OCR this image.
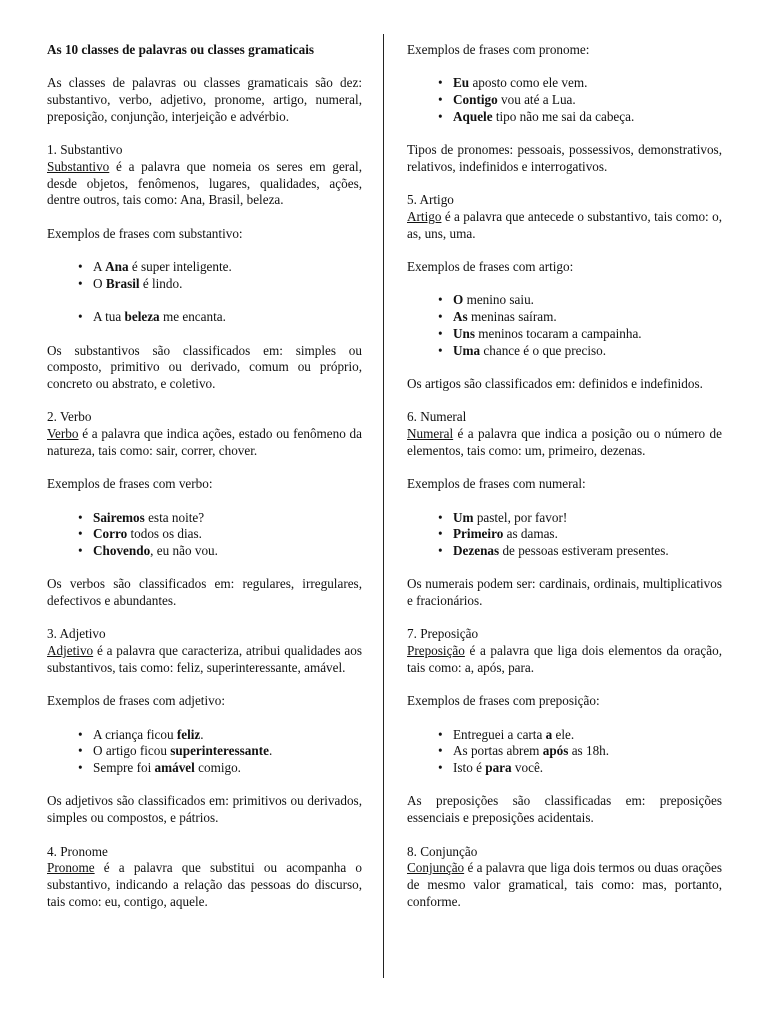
As 10 classes de palavras ou classes gramaticais

As classes de palavras ou classes gramaticais são dez: substantivo, verbo, adjetivo, pronome, artigo, numeral, preposição, conjunção, interjeição e advérbio.

1. Substantivo

Substantivo é a palavra que nomeia os seres em geral, desde objetos, fenômenos, lugares, qualidades, ações, dentre outros, tais como: Ana, Brasil, beleza.

Exemplos de frases com substantivo:

• A Ana é super inteligente.
• O Brasil é lindo.
• A tua beleza me encanta.

Os substantivos são classificados em: simples ou composto, primitivo ou derivado, comum ou próprio, concreto ou abstrato, e coletivo.

2. Verbo

Verbo é a palavra que indica ações, estado ou fenômeno da natureza, tais como: sair, correr, chover.

Exemplos de frases com verbo:

• Sairemos esta noite?
• Corro todos os dias.
• Chovendo, eu não vou.

Os verbos são classificados em: regulares, irregulares, defectivos e abundantes.

3. Adjetivo

Adjetivo é a palavra que caracteriza, atribui qualidades aos substantivos, tais como: feliz, superinteressante, amável.

Exemplos de frases com adjetivo:

• A criança ficou feliz.
• O artigo ficou superinteressante.
• Sempre foi amável comigo.

Os adjetivos são classificados em: primitivos ou derivados, simples ou compostos, e pátrios.

4. Pronome

Pronome é a palavra que substitui ou acompanha o substantivo, indicando a relação das pessoas do discurso, tais como: eu, contigo, aquele.

Exemplos de frases com pronome:

• Eu aposto como ele vem.
• Contigo vou até a Lua.
• Aquele tipo não me sai da cabeça.

Tipos de pronomes: pessoais, possessivos, demonstrativos, relativos, indefinidos e interrogativos.

5. Artigo

Artigo é a palavra que antecede o substantivo, tais como: o, as, uns, uma.

Exemplos de frases com artigo:

• O menino saiu.
• As meninas saíram.
• Uns meninos tocaram a campainha.
• Uma chance é o que preciso.

Os artigos são classificados em: definidos e indefinidos.

6. Numeral

Numeral é a palavra que indica a posição ou o número de elementos, tais como: um, primeiro, dezenas.

Exemplos de frases com numeral:

• Um pastel, por favor!
• Primeiro as damas.
• Dezenas de pessoas estiveram presentes.

Os numerais podem ser: cardinais, ordinais, multiplicativos e fracionários.

7. Preposição

Preposição é a palavra que liga dois elementos da oração, tais como: a, após, para.

Exemplos de frases com preposição:

• Entreguei a carta a ele.
• As portas abrem após as 18h.
• Isto é para você.

As preposições são classificadas em: preposições essenciais e preposições acidentais.

8. Conjunção

Conjunção é a palavra que liga dois termos ou duas orações de mesmo valor gramatical, tais como: mas, portanto, conforme.
